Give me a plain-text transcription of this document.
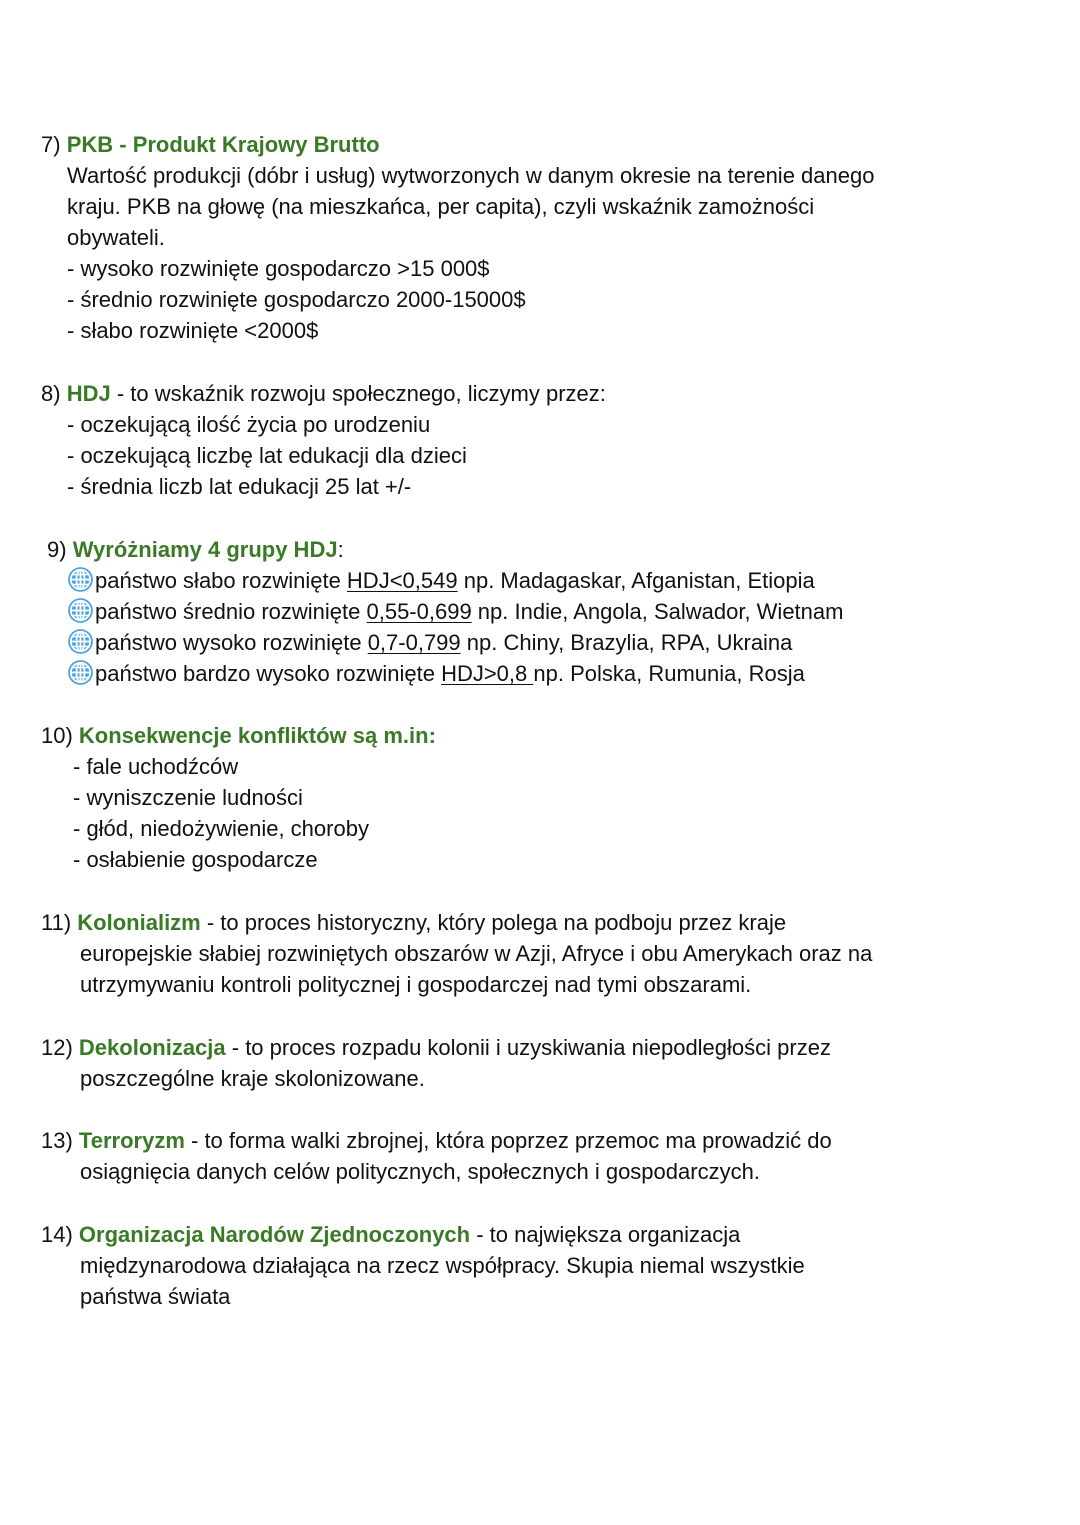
7) PKB - Produkt Krajowy Brutto
Wartość produkcji (dóbr i usług) wytworzonych w danym okresie na terenie danego
kraju. PKB na głowę (na mieszkańca, per capita), czyli wskaźnik zamożności
obywateli.
- wysoko rozwinięte gospodarczo >15 000$
- średnio rozwinięte gospodarczo 2000-15000$
- słabo rozwinięte <2000$
8) HDJ - to wskaźnik rozwoju społecznego, liczymy przez:
- oczekującą ilość życia po urodzeniu
- oczekującą liczbę lat edukacji dla dzieci
- średnia liczb lat edukacji 25 lat +/-
9) Wyróżniamy 4 grupy HDJ:
państwo słabo rozwinięte HDJ<0,549 np. Madagaskar, Afganistan, Etiopia
państwo średnio rozwinięte 0,55-0,699 np. Indie, Angola, Salwador, Wietnam
państwo wysoko rozwinięte 0,7-0,799 np. Chiny, Brazylia, RPA, Ukraina
państwo bardzo wysoko rozwinięte HDJ>0,8 np. Polska, Rumunia, Rosja
10) Konsekwencje konfliktów są m.in:
- fale uchodźców
- wyniszczenie ludności
- głód, niedożywienie, choroby
- osłabienie gospodarcze
11) Kolonializm - to proces historyczny, który polega na podboju przez kraje
europejskie słabiej rozwiniętych obszarów w Azji, Afryce i obu Amerykach oraz na
utrzymywaniu kontroli politycznej i gospodarczej nad tymi obszarami.
12) Dekolonizacja - to proces rozpadu kolonii i uzyskiwania niepodległości przez
poszczególne kraje skolonizowane.
13) Terroryzm - to forma walki zbrojnej, która poprzez przemoc ma prowadzić do
osiągnięcia danych celów politycznych, społecznych i gospodarczych.
14) Organizacja Narodów Zjednoczonych - to największa organizacja
międzynarodowa działająca na rzecz współpracy. Skupia niemal wszystkie
państwa świata
